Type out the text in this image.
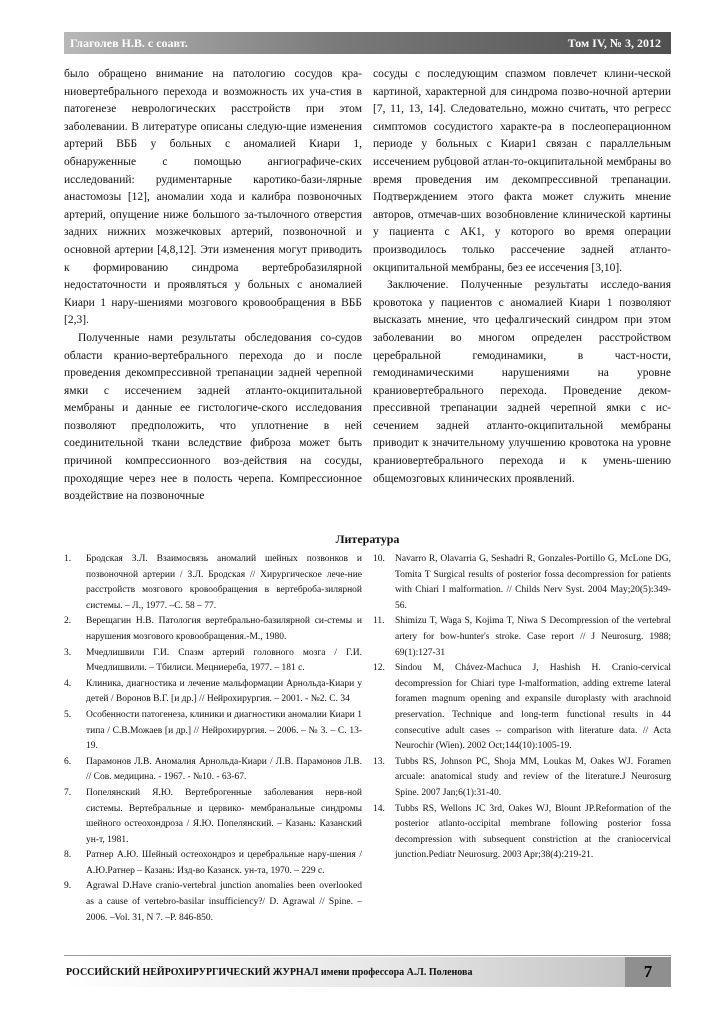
Глаголев Н.В. с соавт.	Том IV, № 3, 2012

было обращено внимание на патологию сосудов кра-ниовертебрального перехода и возможность их уча-стия в патогенезе неврологических расстройств при этом заболевании. В литературе описаны следую-щие изменения артерий ВББ у больных с аномалией Киари 1, обнаруженные с помощью ангиографиче-ских исследований: рудиментарные каротико-бази-лярные анастомозы [12], аномалии хода и калибра позвоночных артерий, опущение ниже большого за-тылочного отверстия задних нижних мозжечковых артерий, позвоночной и основной артерии [4,8,12]. Эти изменения могут приводить к формированию синдрома вертебробазилярной недостаточности и проявляться у больных с аномалией Киари 1 нару-шениями мозгового кровообращения в ВББ [2,3].

Полученные нами результаты обследования со-судов области кранио-вертебрального перехода до и после проведения декомпрессивной трепанации задней черепной ямки с иссечением задней атланто-окципитальной мембраны и данные ее гистологиче-ского исследования позволяют предположить, что уплотнение в ней соединительной ткани вследствие фиброза может быть причиной компрессионного воз-действия на сосуды, проходящие через нее в полость черепа. Компрессионное воздействие на позвоночные

сосуды с последующим спазмом повлечет клини-ческой картиной, характерной для синдрома позво-ночной артерии [7, 11, 13, 14]. Следовательно, можно считать, что регресс симптомов сосудистого характе-ра в послеоперационном периоде у больных с Киари1 связан с параллельным иссечением рубцовой атлан-то-окципитальной мембраны во время проведения им декомпрессивной трепанации. Подтверждением этого факта может служить мнение авторов, отмечав-ших возобновление клинической картины у пациента с АК1, у которого во время операции производилось только рассечение задней атланто-окципитальной мембраны, без ее иссечения [3,10].

Заключение. Полученные результаты исследо-вания кровотока у пациентов с аномалией Киари 1 позволяют высказать мнение, что цефалгический синдром при этом заболевании во многом определен расстройством церебральной гемодинамики, в част-ности, гемодинамическими нарушениями на уровне краниовертебрального перехода. Проведение деком-прессивной трепанации задней черепной ямки с ис-сечением задней атланто-окципитальной мембраны приводит к значительному улучшению кровотока на уровне краниовертебрального перехода и к умень-шению общемозговых клинических проявлений.

Литература
1.	Бродская З.Л. Взаимосвязь аномалий шейных позвонков и позвоночной артерии / З.Л. Бродская // Хирургическое лече-ние расстройств мозгового кровообращения в вертеброба-зилярной системы. – Л., 1977. –С. 58 – 77.
2.	Верещагин Н.В. Патология вертебрально-базилярной си-стемы и нарушения мозгового кровообращения.-М., 1980.
3.	Мчедлишвили Г.И. Спазм артерий головного мозга / Г.И. Мчедлишвили. – Тбилиси. Мецниереба, 1977. – 181 с.
4.	Клиника, диагностика и лечение мальформации Арнольда-Киари у детей / Воронов В.Г. [и др.] // Нейрохирургия. – 2001. - №2. С. 34
5.	Особенности патогенеза, клиники и диагностики аномалии Киари 1 типа / С.В.Можаев [и др.] // Нейрохирургия. – 2006. – № 3. – С. 13-19.
6.	Парамонов Л.В. Аномалия Арнольда-Киари / Л.В. Парамонов Л.В. // Сов. медицина. - 1967. - №10. - 63-67.
7.	Попелянский Я.Ю. Вертеброгенные заболевания нерв-ной системы. Вертебральные и цервико- мембранальные синдромы шейного остеохондроза / Я.Ю. Попелянский. – Казань: Казанский ун-т, 1981.
8.	Ратнер А.Ю. Шейный остеохондроз и церебральные нару-шения / А.Ю.Ратнер – Казань: Изд-во Казанск. ун-та, 1970. – 229 с.
9.	Agrawal D.Have cranio-vertebral junction anomalies been overlooked as a cause of vertebro-basilar insufficiency?/ D. Agrawal // Spine. –2006. –Vol. 31, N 7. –P. 846-850.
10.	Navarro R, Olavarria G, Seshadri R, Gonzales-Portillo G, McLone DG, Tomita T Surgical results of posterior fossa decompression for patients with Chiari I malformation. // Childs Nerv Syst. 2004 May;20(5):349-56.
11.	Shimizu T, Waga S, Kojima T, Niwa S Decompression of the vertebral artery for bow-hunter's stroke. Case report // J Neurosurg. 1988; 69(1):127-31
12.	Sindou M, Chávez-Machuca J, Hashish H. Cranio-cervical decompression for Chiari type I-malformation, adding extreme lateral foramen magnum opening and expansile duroplasty with arachnoid preservation. Technique and long-term functional results in 44 consecutive adult cases -- comparison with literature data. // Acta Neurochir (Wien). 2002 Oct;144(10):1005-19.
13.	Tubbs RS, Johnson PC, Shoja MM, Loukas M, Oakes WJ. Foramen arcuale: anatomical study and review of the literature.J Neurosurg Spine. 2007 Jan;6(1):31-40.
14.	Tubbs RS, Wellons JC 3rd, Oakes WJ, Blount JP.Reformation of the posterior atlanto-occipital membrane following posterior fossa decompression with subsequent constriction at the craniocervical junction.Pediatr Neurosurg. 2003 Apr;38(4):219-21.
РОССИЙСКИЙ НЕЙРОХИРУРГИЧЕСКИЙ ЖУРНАЛ имени профессора А.Л. Поленова	7
